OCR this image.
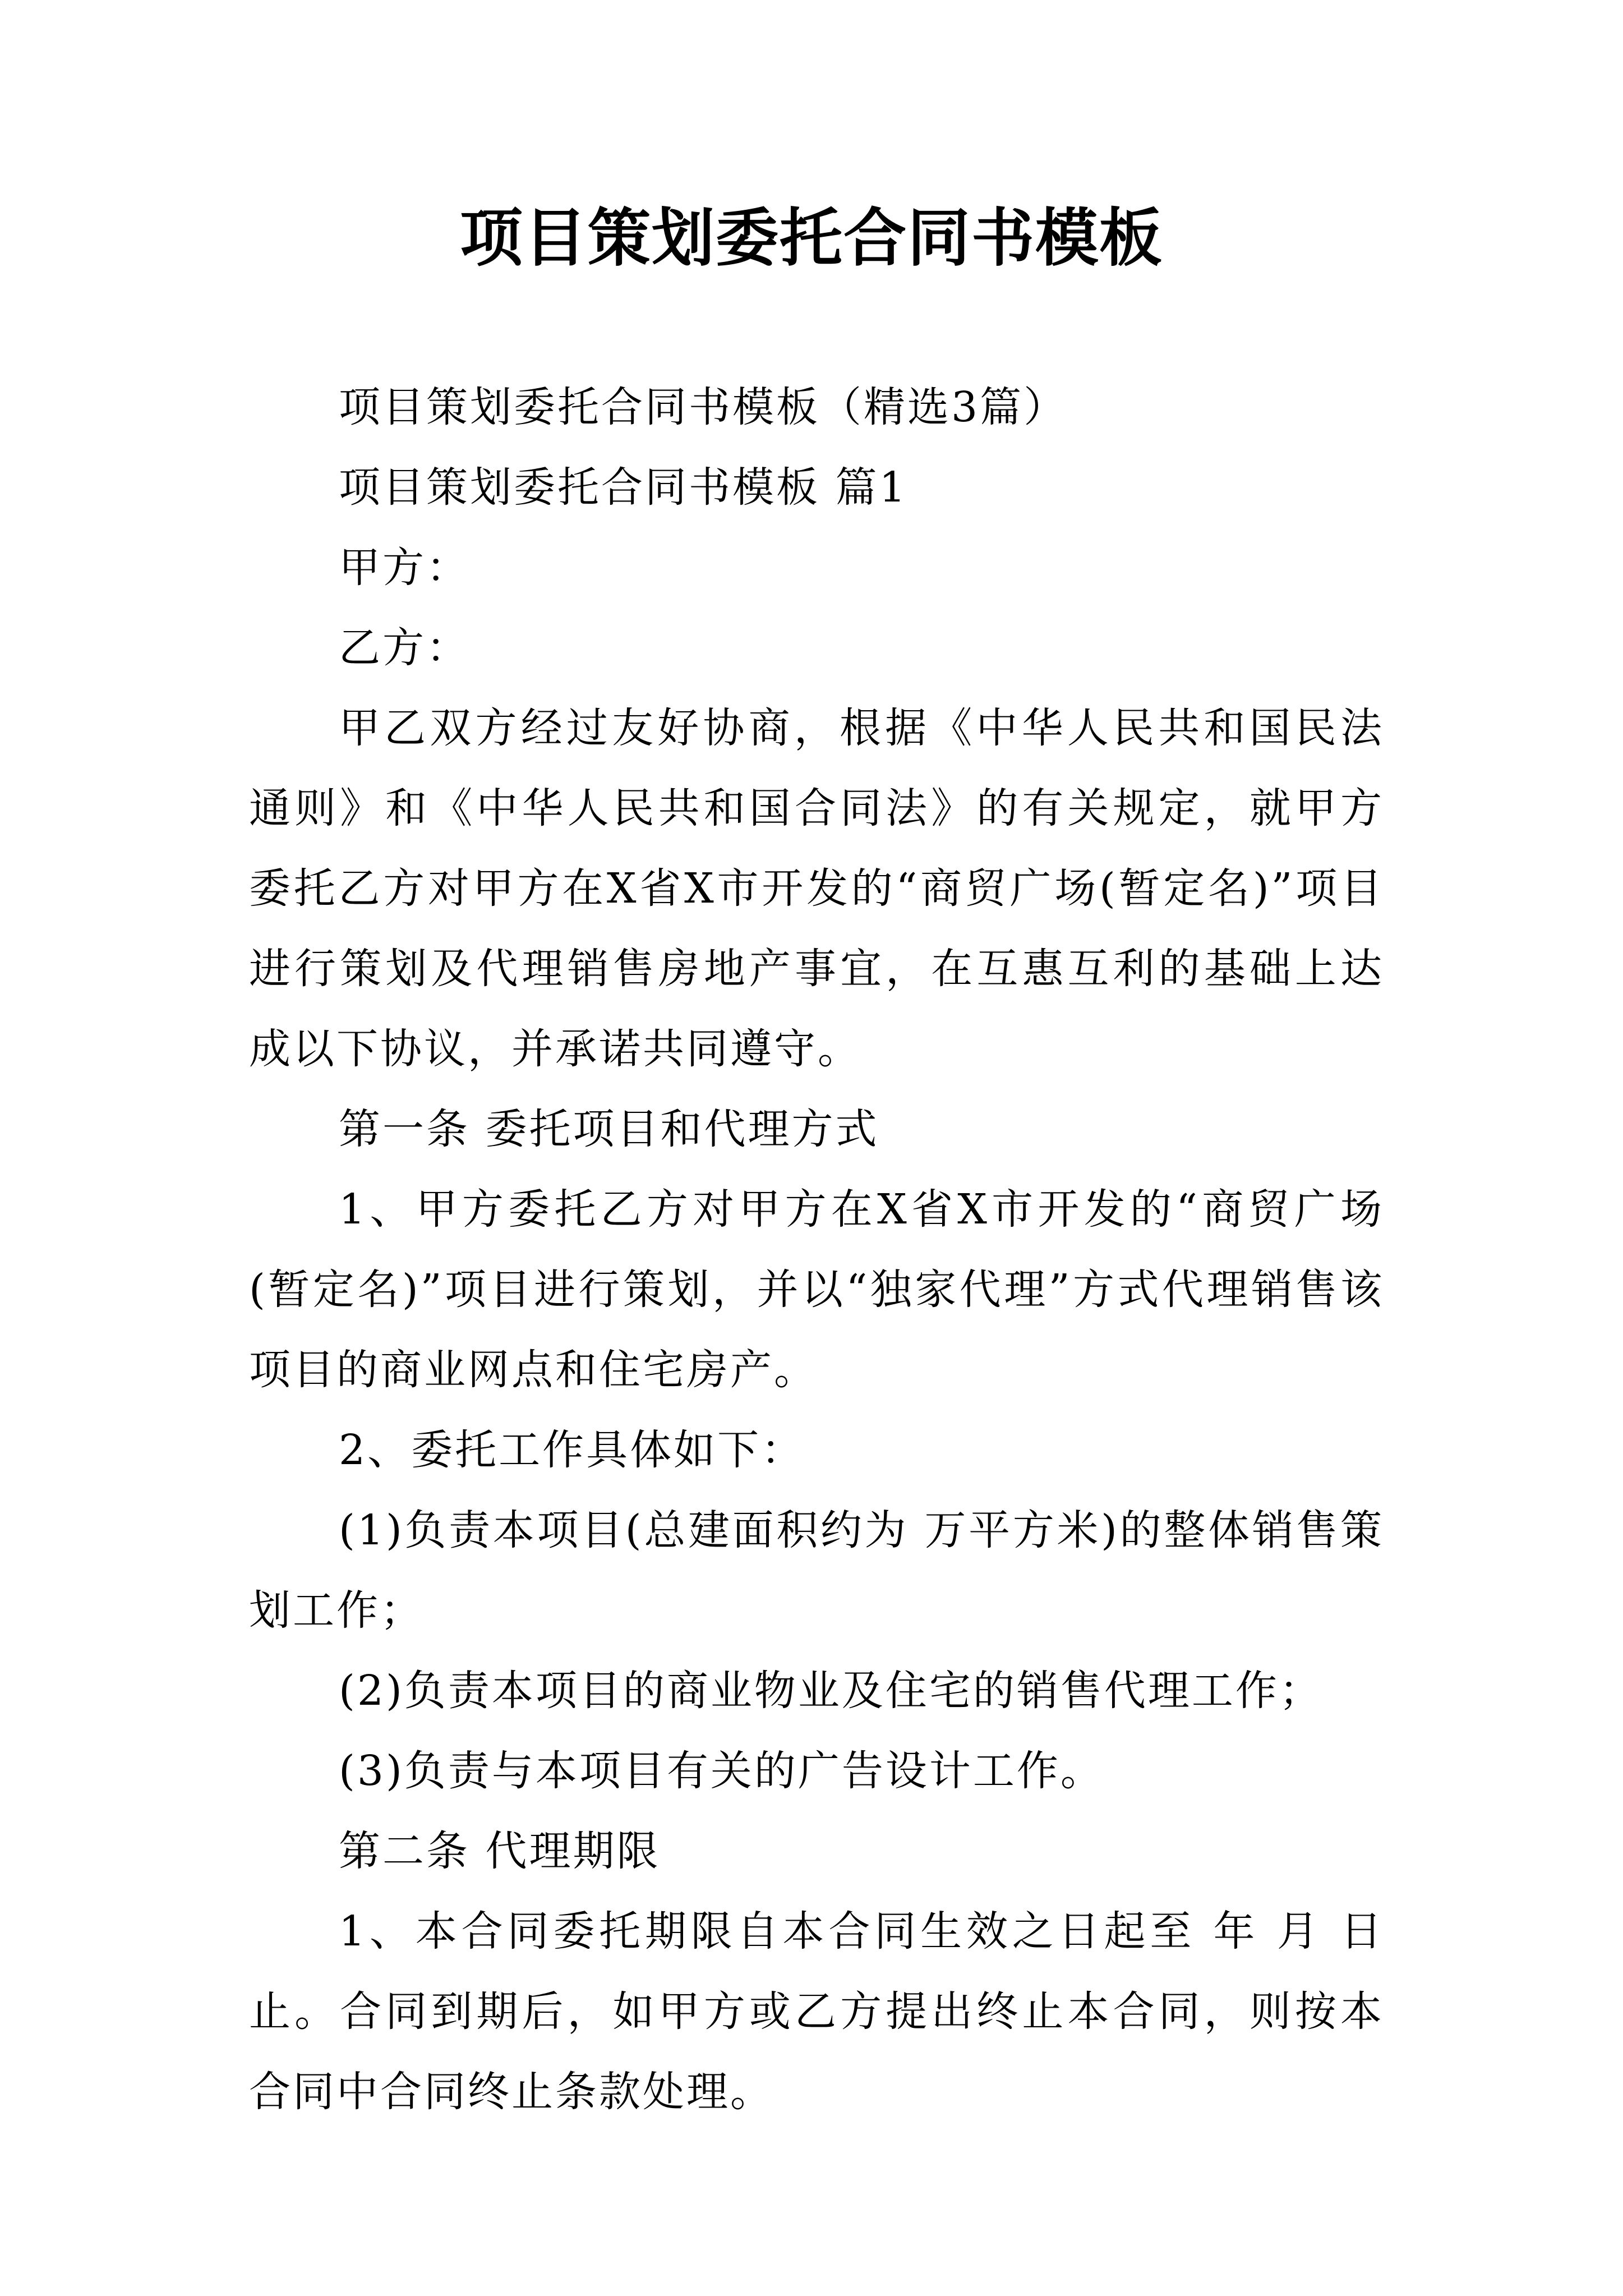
项目策划委托合同书模板

项目策划委托合同书模板（精选3篇）

项目策划委托合同书模板 篇1

甲方：

乙方：

甲乙双方经过友好协商，根据《中华人民共和国民法通则》和《中华人民共和国合同法》的有关规定，就甲方委托乙方对甲方在X省X市开发的“商贸广场(暂定名)”项目进行策划及代理销售房地产事宜，在互惠互利的基础上达成以下协议，并承诺共同遵守。

第一条 委托项目和代理方式

1、甲方委托乙方对甲方在X省X市开发的“商贸广场(暂定名)”项目进行策划，并以“独家代理”方式代理销售该项目的商业网点和住宅房产。

2、委托工作具体如下：

(1)负责本项目(总建面积约为 万平方米)的整体销售策划工作；

(2)负责本项目的商业物业及住宅的销售代理工作；

(3)负责与本项目有关的广告设计工作。

第二条 代理期限

1、本合同委托期限自本合同生效之日起至 年 月 日止。合同到期后，如甲方或乙方提出终止本合同，则按本合同中合同终止条款处理。
